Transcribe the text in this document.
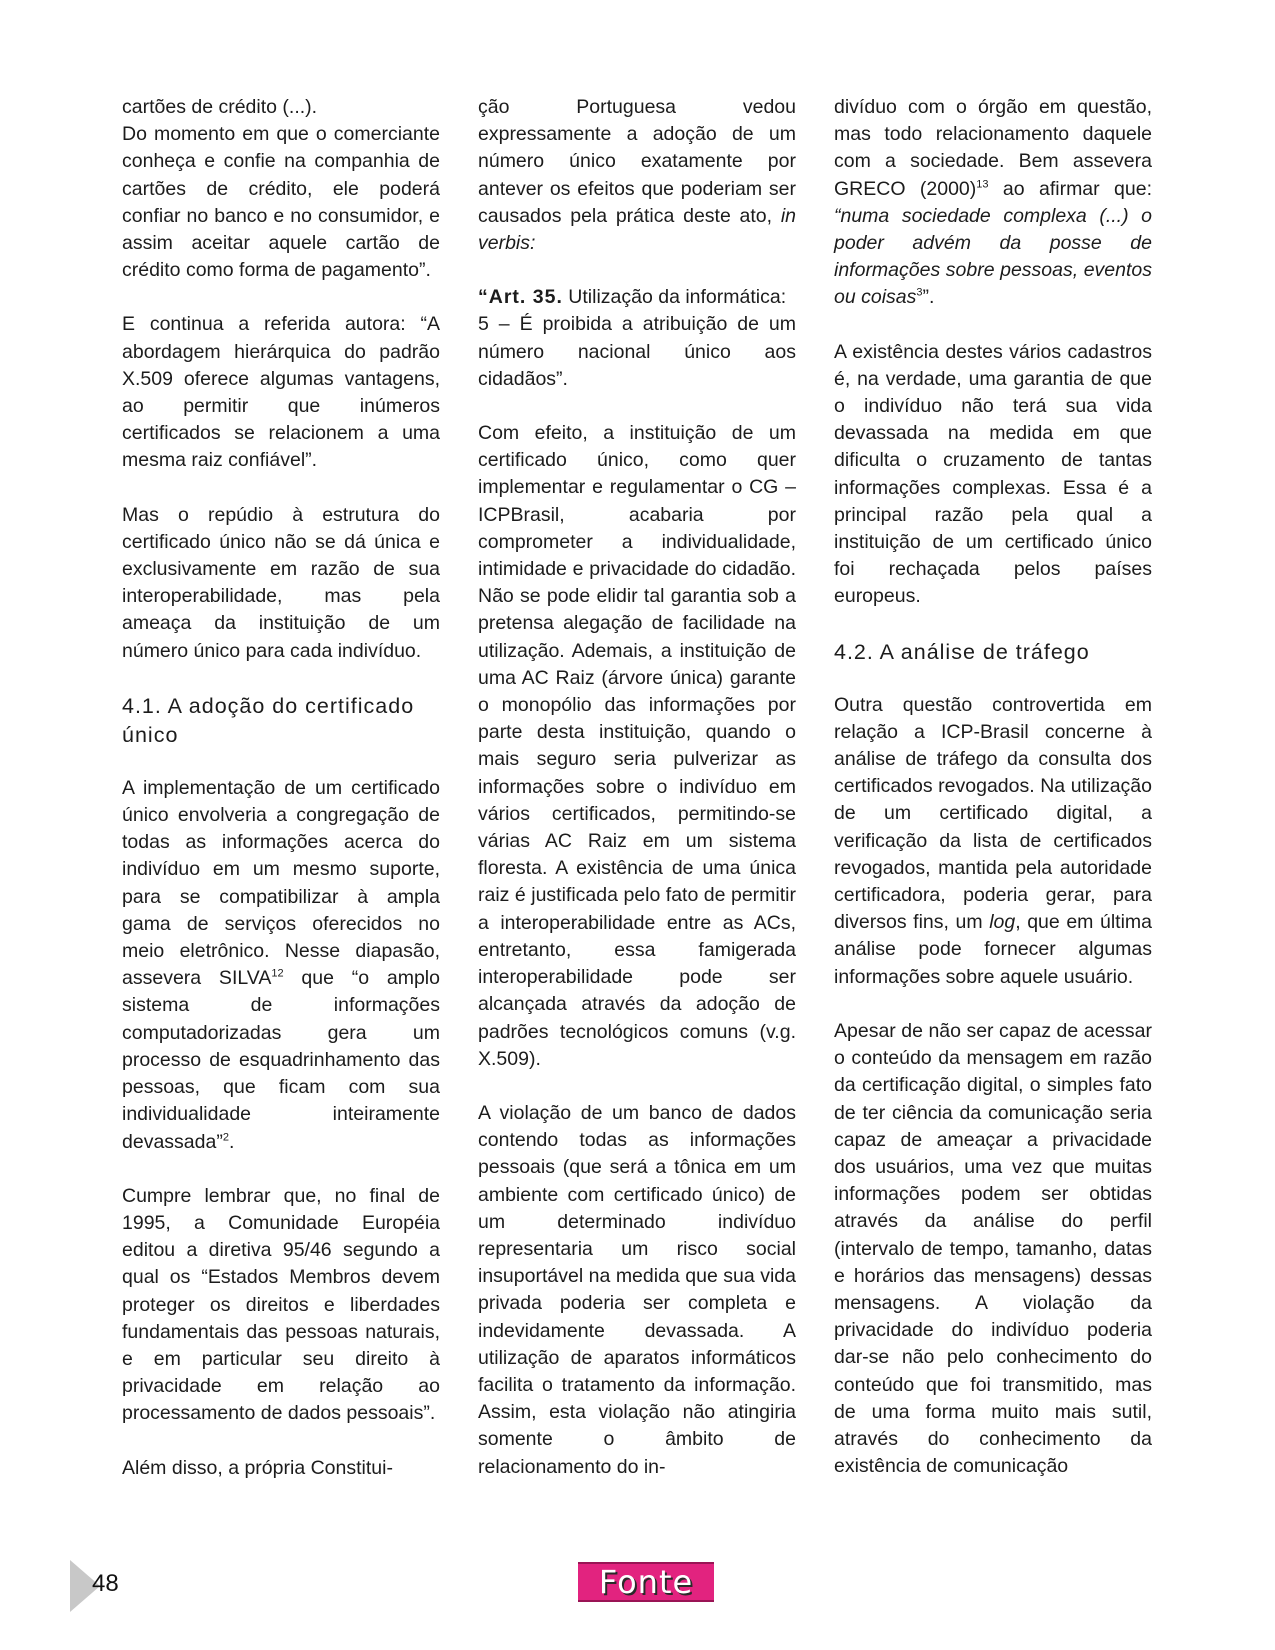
cartões de crédito (...).

Do momento em que o comerciante conheça e confie na companhia de cartões de crédito, ele poderá confiar no banco e no consumidor, e assim aceitar aquele cartão de crédito como forma de pagamento”.

E continua a referida autora: “A abordagem hierárquica do padrão X.509 oferece algumas vantagens, ao permitir que inúmeros certificados se relacionem a uma mesma raiz confiável”.

Mas o repúdio à estrutura do certificado único não se dá única e exclusivamente em razão de sua interoperabilidade, mas pela ameaça da instituição de um número único para cada indivíduo.

4.1. A adoção do certificado único

A implementação de um certificado único envolveria a congregação de todas as informações acerca do indivíduo em um mesmo suporte, para se compatibilizar à ampla gama de serviços oferecidos no meio eletrônico. Nesse diapasão, assevera SILVA$^{12}$ que “o amplo sistema de informações computadorizadas gera um processo de esquadrinhamento das pessoas, que ficam com sua individualidade inteiramente devassada”$^2$.

Cumpre lembrar que, no final de 1995, a Comunidade Européia editou a diretiva 95/46 segundo a qual os “Estados Membros devem proteger os direitos e liberdades fundamentais das pessoas naturais, e em particular seu direito à privacidade em relação ao processamento de dados pessoais”.

Além disso, a própria Constitui-

ção Portuguesa vedou expressamente a adoção de um número único exatamente por antever os efeitos que poderiam ser causados pela prática deste ato, in verbis:

“Art. 35. Utilização da informática:
5 – É proibida a atribuição de um número nacional único aos cidadãos”.

Com efeito, a instituição de um certificado único, como quer implementar e regulamentar o CG – ICPBrasil, acabaria por comprometer a individualidade, intimidade e privacidade do cidadão. Não se pode elidir tal garantia sob a pretensa alegação de facilidade na utilização. Ademais, a instituição de uma AC Raiz (árvore única) garante o monopólio das informações por parte desta instituição, quando o mais seguro seria pulverizar as informações sobre o indivíduo em vários certificados, permitindo-se várias AC Raiz em um sistema floresta. A existência de uma única raiz é justificada pelo fato de permitir a interoperabilidade entre as ACs, entretanto, essa famigerada interoperabilidade pode ser alcançada através da adoção de padrões tecnológicos comuns (v.g. X.509).

A violação de um banco de dados contendo todas as informações pessoais (que será a tônica em um ambiente com certificado único) de um determinado indivíduo representaria um risco social insuportável na medida que sua vida privada poderia ser completa e indevidamente devassada. A utilização de aparatos informáticos facilita o tratamento da informação. Assim, esta violação não atingiria somente o âmbito de relacionamento do in-

divíduo com o órgão em questão, mas todo relacionamento daquele com a sociedade. Bem assevera GRECO $(2000)^{13}$ ao afirmar que: “numa sociedade complexa (...) o poder advém da posse de informações sobre pessoas, eventos ou coisas$^3$”.

A existência destes vários cadastros é, na verdade, uma garantia de que o indivíduo não terá sua vida devassada na medida em que dificulta o cruzamento de tantas informações complexas. Essa é a principal razão pela qual a instituição de um certificado único foi rechaçada pelos países europeus.

4.2. A análise de tráfego

Outra questão controvertida em relação a ICP-Brasil concerne à análise de tráfego da consulta dos certificados revogados. Na utilização de um certificado digital, a verificação da lista de certificados revogados, mantida pela autoridade certificadora, poderia gerar, para diversos fins, um log, que em última análise pode fornecer algumas informações sobre aquele usuário.

Apesar de não ser capaz de acessar o conteúdo da mensagem em razão da certificação digital, o simples fato de ter ciência da comunicação seria capaz de ameaçar a privacidade dos usuários, uma vez que muitas informações podem ser obtidas através da análise do perfil (intervalo de tempo, tamanho, datas e horários das mensagens) dessas mensagens. A violação da privacidade do indivíduo poderia dar-se não pelo conhecimento do conteúdo que foi transmitido, mas de uma forma muito mais sutil, através do conhecimento da existência de comunicação

48	Fonte
